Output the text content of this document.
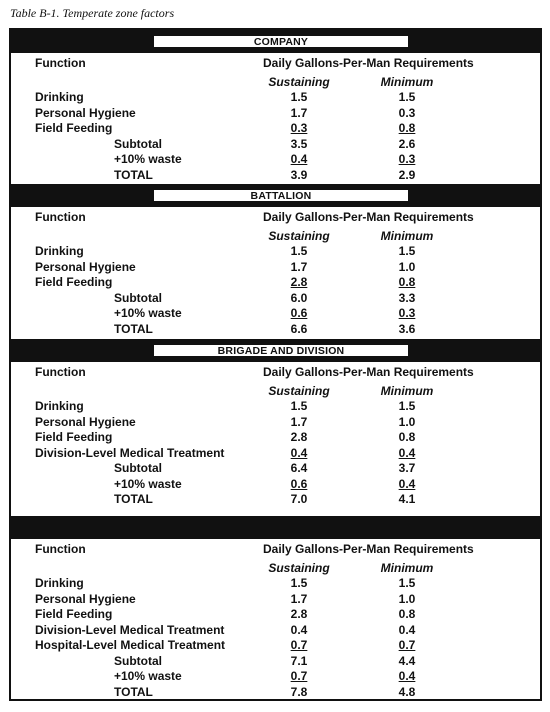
Table B-1. Temperate zone factors
COMPANY
Function	Daily Gallons-Per-Man Requirements
Sustaining	Minimum
Drinking	1.5	1.5
Personal Hygiene	1.7	0.3
Field Feeding	0.3	0.8
Subtotal	3.5	2.6
+10% waste	0.4	0.3
TOTAL	3.9	2.9
BATTALION
Function	Daily Gallons-Per-Man Requirements
Sustaining	Minimum
Drinking	1.5	1.5
Personal Hygiene	1.7	1.0
Field Feeding	2.8	0.8
Subtotal	6.0	3.3
+10% waste	0.6	0.3
TOTAL	6.6	3.6
BRIGADE AND DIVISION
Function	Daily Gallons-Per-Man Requirements
Sustaining	Minimum
Drinking	1.5	1.5
Personal Hygiene	1.7	1.0
Field Feeding	2.8	0.8
Division-Level Medical Treatment	0.4	0.4
Subtotal	6.4	3.7
+10% waste	0.6	0.4
TOTAL	7.0	4.1
Function	Daily Gallons-Per-Man Requirements
Sustaining	Minimum
Drinking	1.5	1.5
Personal Hygiene	1.7	1.0
Field Feeding	2.8	0.8
Division-Level Medical Treatment	0.4	0.4
Hospital-Level Medical Treatment	0.7	0.7
Subtotal	7.1	4.4
+10% waste	0.7	0.4
TOTAL	7.8	4.8
